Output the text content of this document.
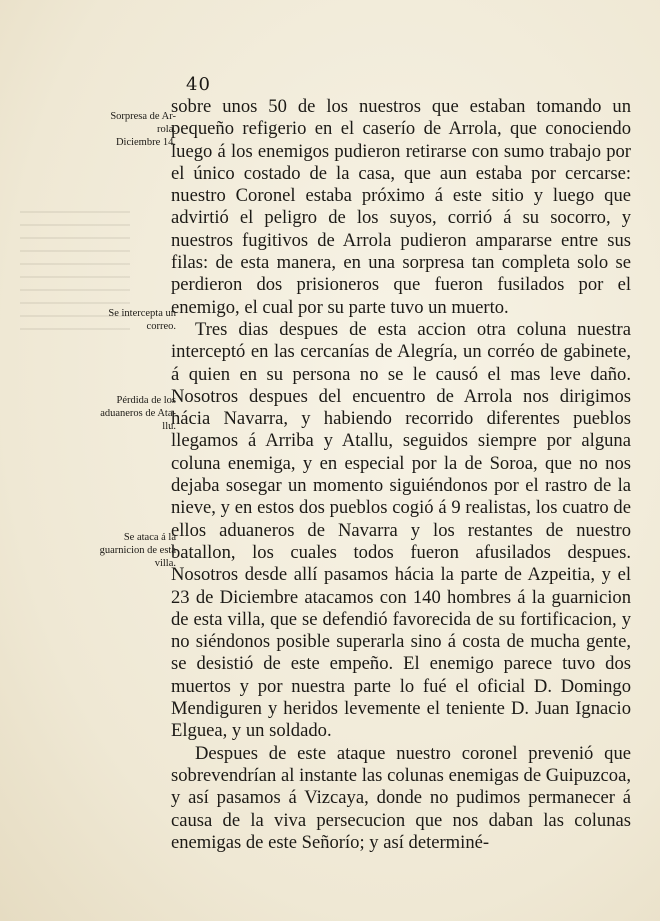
40
Sorpresa de Ar-
rola.
Diciembre 14.
Se intercepta un
correo.
Pérdida de los
aduaneros de Ata-
llu.
Se ataca á la
guarnicion de esta
villa.

sobre unos 50 de los nuestros que estaban tomando un pequeño refigerio en el caserío de Arrola, que conociendo luego á los enemigos pudieron retirarse con sumo trabajo por el único costado de la casa, que aun estaba por cercarse: nuestro Coronel estaba próximo á este sitio y luego que advirtió el peligro de los suyos, corrió á su socorro, y nuestros fugitivos de Arrola pudieron ampararse entre sus filas: de esta manera, en una sorpresa tan completa solo se perdieron dos prisioneros que fueron fusilados por el enemigo, el cual por su parte tuvo un muerto.

Tres dias despues de esta accion otra coluna nuestra interceptó en las cercanías de Alegría, un corréo de gabinete, á quien en su persona no se le causó el mas leve daño. Nosotros despues del encuentro de Arrola nos dirigimos hácia Navarra, y habiendo recorrido diferentes pueblos llegamos á Arriba y Atallu, seguidos siempre por alguna coluna enemiga, y en especial por la de Soroa, que no nos dejaba sosegar un momento siguiéndonos por el rastro de la nieve, y en estos dos pueblos cogió á 9 realistas, los cuatro de ellos aduaneros de Navarra y los restantes de nuestro batallon, los cuales todos fueron afusilados despues. Nosotros desde allí pasamos hácia la parte de Azpeitia, y el 23 de Diciembre atacamos con 140 hombres á la guarnicion de esta villa, que se defendió favorecida de su fortificacion, y no siéndonos posible superarla sino á costa de mucha gente, se desistió de este empeño. El enemigo parece tuvo dos muertos y por nuestra parte lo fué el oficial D. Domingo Mendiguren y heridos levemente el teniente D. Juan Ignacio Elguea, y un soldado.

Despues de este ataque nuestro coronel prevenió que sobrevendrían al instante las colunas enemigas de Guipuzcoa, y así pasamos á Vizcaya, donde no pudimos permanecer á causa de la viva persecucion que nos daban las colunas enemigas de este Señorío; y así determiné-
